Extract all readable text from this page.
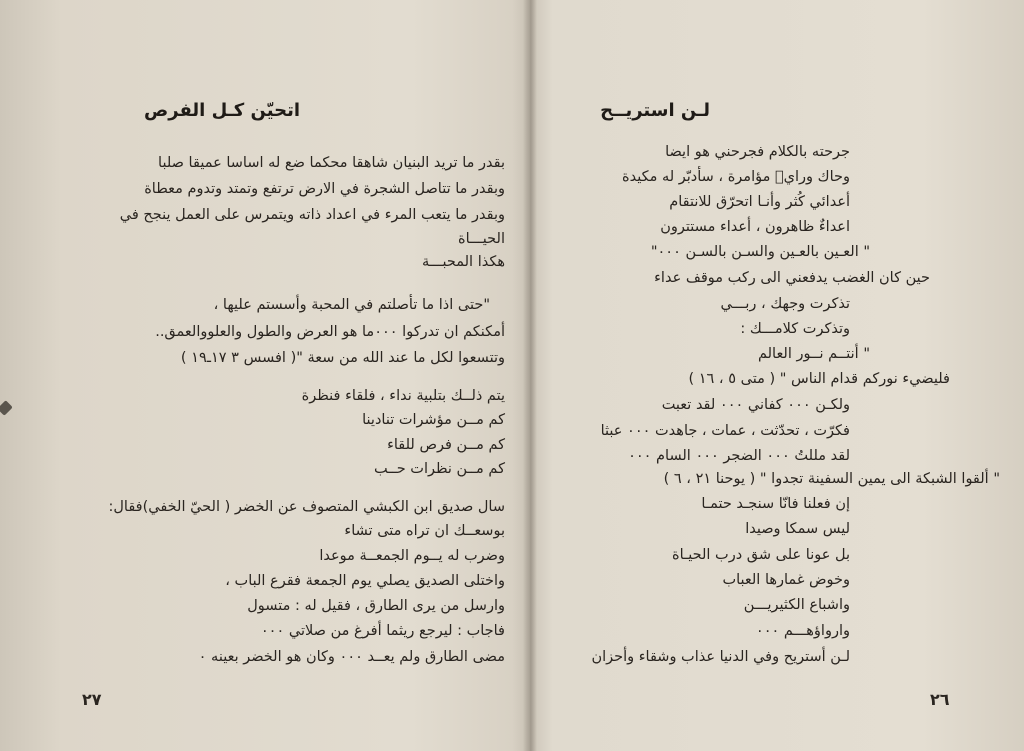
اتحيّن كـل الفرص
بقدر ما تريد البنيان شاهقا محكما ضع له اساسا عميقا صلبا
وبقدر ما تتاصل الشجرة في الارض ترتفع وتمتد وتدوم معطاة
وبقدر ما يتعب المرء في اعداد ذاته ويتمرس على العمل ينجح في
الحيـــاة
هكذا المحبـــة
"حتى اذا ما تأصلتم في المحبة وأسستم عليها ،
أمكنكم ان تدركوا ٠٠٠ما هو العرض والطول والعلووالعمق..
وتتسعوا لكل ما عند الله من سعة "( افسس ٣ ١٧ـ١٩ )
يتم ذلــك بتلبية نداء ، فلقاء فنظرة
كم مــن مؤشرات تنادينا
كم مــن فرص للقاء
كم مــن نظرات حــب
سال صديق ابن الكبشي المتصوف عن الخضر ( الحيّ الخفي)فقال:
بوسعــك ان تراه متى تشاء
وضرب له يــوم الجمعــة موعدا
واختلى الصديق يصلي يوم الجمعة فقرع الباب ،
وارسل من يرى الطارق ، فقيل له : متسول
فاجاب : ليرجع ريثما أفرغ من صلاتي ٠٠٠
مضى الطارق ولم يعــد ٠٠٠ وكان هو الخضر بعينه ٠
٢٧
لـن استريــح
جرحته بالكلام فجرحني هو ايضا
وحاك ورايٖ مؤامرة ، سأدبّر له مكيدة
أعدائي كُثر وأنـا اتحرّق للانتقام
اعداءٌ ظاهرون ، أعداء مستترون
" العـين بالعـين والسـن بالسـن ٠٠٠"
حين كان الغضب يدفعني الى ركب موقف عداء
تذكرت وجهك ، ربـــي
وتذكرت كلامـــك :
" أنتــم نــور العالم
فليضيء نوركم قدام الناس " ( متى ٥ ، ١٦ )
ولكـن ٠٠٠ كفاني ٠٠٠ لقد تعبت
فكرّت ، تحدّثت ، عمات ، جاهدت ٠٠٠ عبثا
لقد مللتُ ٠٠٠ الضجر ٠٠٠ السام ٠٠٠
" ألقوا الشبكة الى يمين السفينة تجدوا " ( يوحنا ٢١ ، ٦ )
إن فعلنا فانّا سنجـد حتمـا
ليس سمكا وصيدا
بل عونا على شق درب الحيـاة
وخوض غمارها العباب
واشباع الكثيريـــن
وارواؤهـــم ٠٠٠
لـن أستريح وفي الدنيا عذاب وشقاء وأحزان
٢٦
